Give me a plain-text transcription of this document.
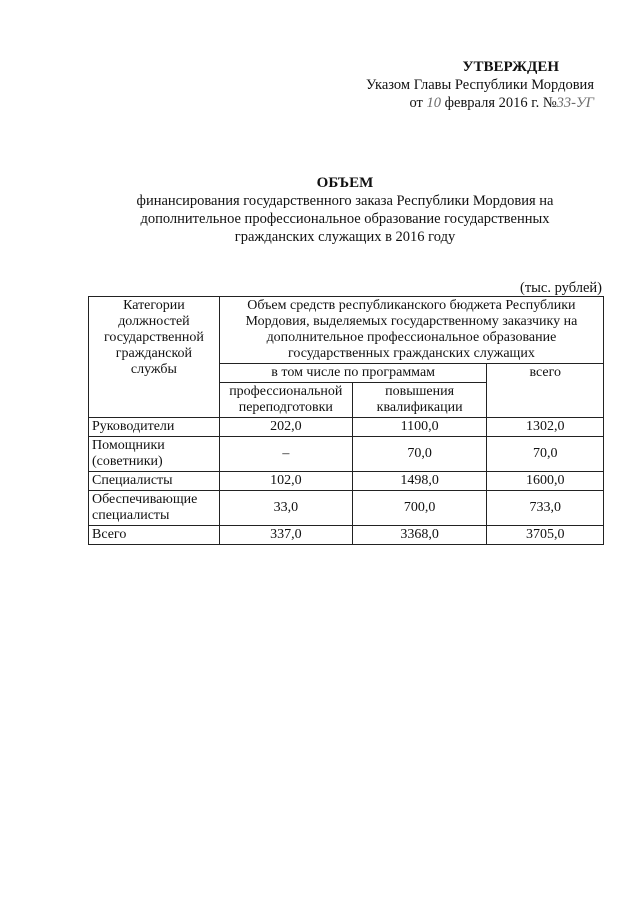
УТВЕРЖДЕН
Указом Главы Республики Мордовия
от 10 февраля 2016 г. №33-УГ
ОБЪЕМ
финансирования государственного заказа Республики Мордовия на
дополнительное профессиональное образование государственных
гражданских служащих в 2016 году
(тыс. рублей)
Категории должностей государственной гражданской службы	Объем средств республиканского бюджета Республики Мордовия, выделяемых государственному заказчику на дополнительное профессиональное образование государственных гражданских служащих		
	в том числе по программам		всего
	профессиональной переподготовки	повышения квалификации	
Руководители	202,0	1100,0	1302,0
Помощники (советники)	–	70,0	70,0
Специалисты	102,0	1498,0	1600,0
Обеспечивающие специалисты	33,0	700,0	733,0
Всего	337,0	3368,0	3705,0
